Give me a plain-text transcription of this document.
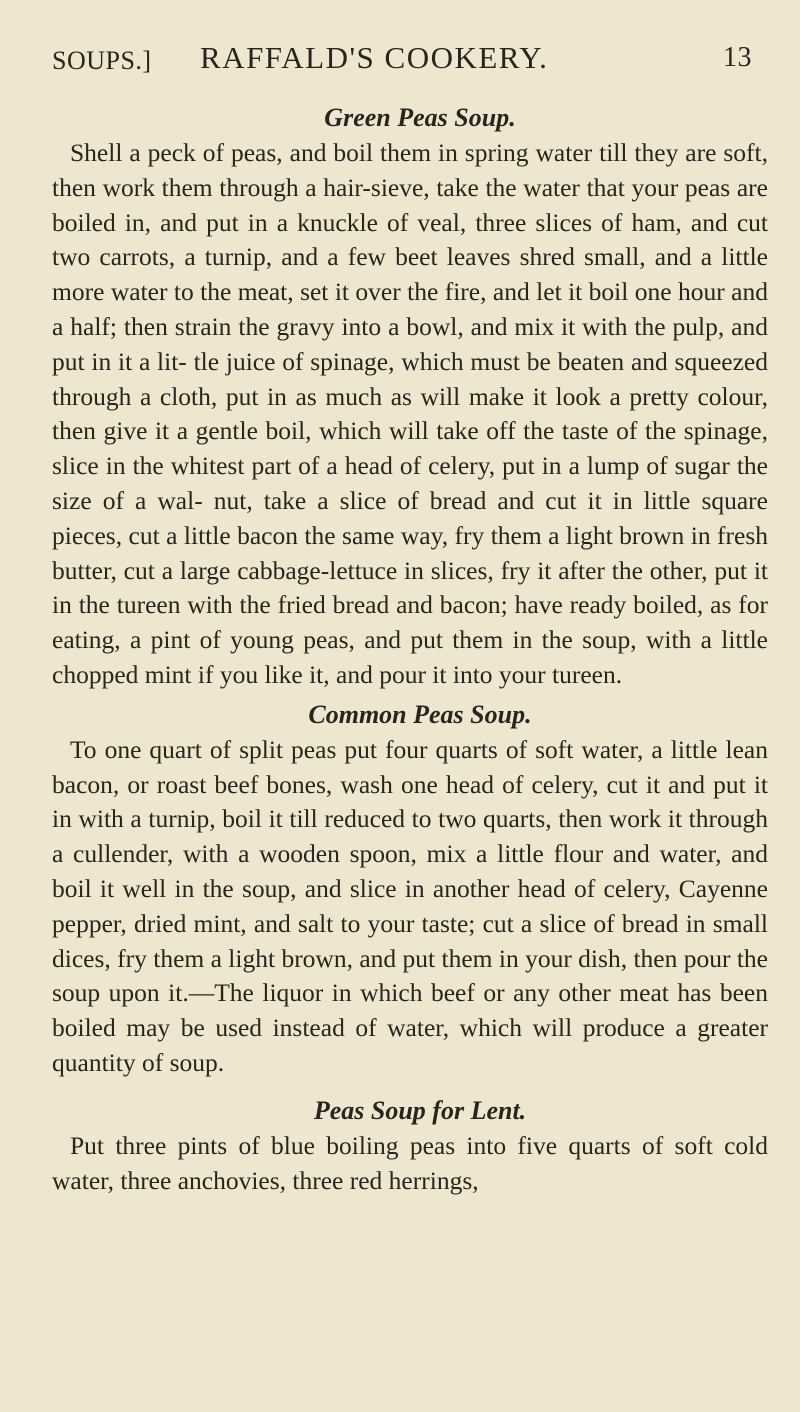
SOUPS.] RAFFALD'S COOKERY.	13
Green Peas Soup.

Shell a peck of peas, and boil them in spring water till they are soft, then work them through a hair-sieve, take the water that your peas are boiled in, and put in a knuckle of veal, three slices of ham, and cut two carrots, a turnip, and a few beet leaves shred small, and a little more water to the meat, set it over the fire, and let it boil one hour and a half; then strain the gravy into a bowl, and mix it with the pulp, and put in it a lit- tle juice of spinage, which must be beaten and squeezed through a cloth, put in as much as will make it look a pretty colour, then give it a gentle boil, which will take off the taste of the spinage, slice in the whitest part of a head of celery, put in a lump of sugar the size of a wal- nut, take a slice of bread and cut it in little square pieces, cut a little bacon the same way, fry them a light brown in fresh butter, cut a large cabbage-lettuce in slices, fry it after the other, put it in the tureen with the fried bread and bacon; have ready boiled, as for eating, a pint of young peas, and put them in the soup, with a little chopped mint if you like it, and pour it into your tureen.

Common Peas Soup.

To one quart of split peas put four quarts of soft water, a little lean bacon, or roast beef bones, wash one head of celery, cut it and put it in with a turnip, boil it till reduced to two quarts, then work it through a cullender, with a wooden spoon, mix a little flour and water, and boil it well in the soup, and slice in another head of celery, Cayenne pepper, dried mint, and salt to your taste; cut a slice of bread in small dices, fry them a light brown, and put them in your dish, then pour the soup upon it.—The liquor in which beef or any other meat has been boiled may be used instead of water, which will produce a greater quantity of soup.

Peas Soup for Lent.

Put three pints of blue boiling peas into five quarts of soft cold water, three anchovies, three red herrings,
